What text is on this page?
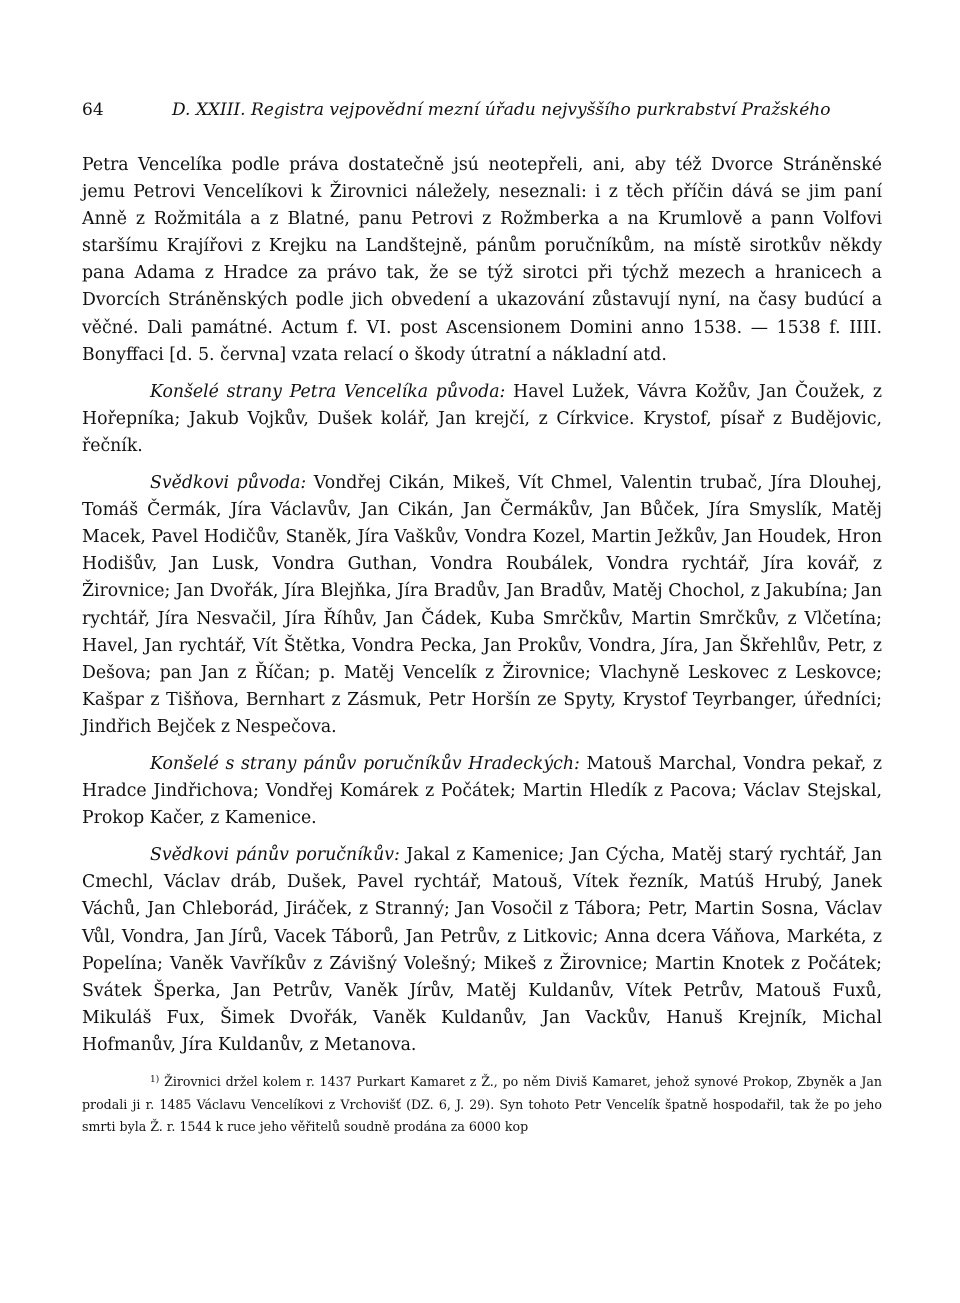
64	D. XXIII. Registra vejpovědní mezní úřadu nejvyššího purkrabství Pražského

Petra Vencelíka podle práva dostatečně jsú neotepřeli, ani, aby též Dvorce Stráněnské jemu Petrovi Vencelíkovi k Žirovnici náležely, neseznali: i z těch příčin dává se jim paní Anně z Rožmitála a z Blatné, panu Petrovi z Rožmberka a na Krumlově a pann Volfovi staršímu Krajířovi z Krejku na Landštejně, pánům poručníkům, na místě sirotkův někdy pana Adama z Hradce za právo tak, že se týž sirotci při týchž mezech a hranicech a Dvorcích Stráněnských podle jich obvedení a ukazování zůstavují nyní, na časy budúcí a věčné. Dali památné. Actum f. VI. post Ascensionem Domini anno 1538. — 1538 f. IIII. Bonyffaci [d. 5. června] vzata relací o škody útratní a nákladní atd.

Konšelé strany Petra Vencelíka původa: Havel Lužek, Vávra Kožův, Jan Čoužek, z Hořepníka; Jakub Vojkův, Dušek kolář, Jan krejčí, z Církvice. Krystof, písař z Budějovic, řečník.

Svědkovi původa: Vondřej Cikán, Mikeš, Vít Chmel, Valentin trubač, Jíra Dlouhej, Tomáš Čermák, Jíra Václavův, Jan Cikán, Jan Čermákův, Jan Bůček, Jíra Smyslík, Matěj Macek, Pavel Hodičův, Staněk, Jíra Vaškův, Vondra Kozel, Martin Ježkův, Jan Houdek, Hron Hodišův, Jan Lusk, Vondra Guthan, Vondra Roubálek, Vondra rychtář, Jíra kovář, z Žirovnice; Jan Dvořák, Jíra Blejňka, Jíra Bradův, Jan Bradův, Matěj Chochol, z Jakubína; Jan rychtář, Jíra Nesvačil, Jíra Říhův, Jan Čádek, Kuba Smrčkův, Martin Smrčkův, z Vlčetína; Havel, Jan rychtář, Vít Štětka, Vondra Pecka, Jan Prokův, Vondra, Jíra, Jan Škřehlův, Petr, z Dešova; pan Jan z Říčan; p. Matěj Vencelík z Žirovnice; Vlachyně Leskovec z Leskovce; Kašpar z Tišňova, Bernhart z Zásmuk, Petr Horšín ze Spyty, Krystof Teyrbanger, úředníci; Jindřich Bejček z Nespečova.

Konšelé s strany pánův poručníkův Hradeckých: Matouš Marchal, Vondra pekař, z Hradce Jindřichova; Vondřej Komárek z Počátek; Martin Hledík z Pacova; Václav Stejskal, Prokop Kačer, z Kamenice.

Svědkovi pánův poručníkův: Jakal z Kamenice; Jan Cýcha, Matěj starý rychtář, Jan Cmechl, Václav dráb, Dušek, Pavel rychtář, Matouš, Vítek řezník, Matúš Hrubý, Janek Váchů, Jan Chleborád, Jiráček, z Stranný; Jan Vosočil z Tábora; Petr, Martin Sosna, Václav Vůl, Vondra, Jan Jírů, Vacek Táborů, Jan Petrův, z Litkovic; Anna dcera Váňova, Markéta, z Popelína; Vaněk Vavříkův z Závišný Volešný; Mikeš z Žirovnice; Martin Knotek z Počátek; Svátek Šperka, Jan Petrův, Vaněk Jírův, Matěj Kuldanův, Vítek Petrův, Matouš Fuxů, Mikuláš Fux, Šimek Dvořák, Vaněk Kuldanův, Jan Vackův, Hanuš Krejník, Michal Hofmanův, Jíra Kuldanův, z Metanova.

$^{1)}$ Žirovnici držel kolem r. 1437 Purkart Kamaret z Ž., po něm Diviš Kamaret, jehož synové Prokop, Zbyněk a Jan prodali ji r. 1485 Václavu Vencelíkovi z Vrchovišť (DZ. 6, J. 29). Syn tohoto Petr Vencelík špatně hospodařil, tak že po jeho smrti byla Ž. r. 1544 k ruce jeho věřitelů soudně prodána za 6000 kop
